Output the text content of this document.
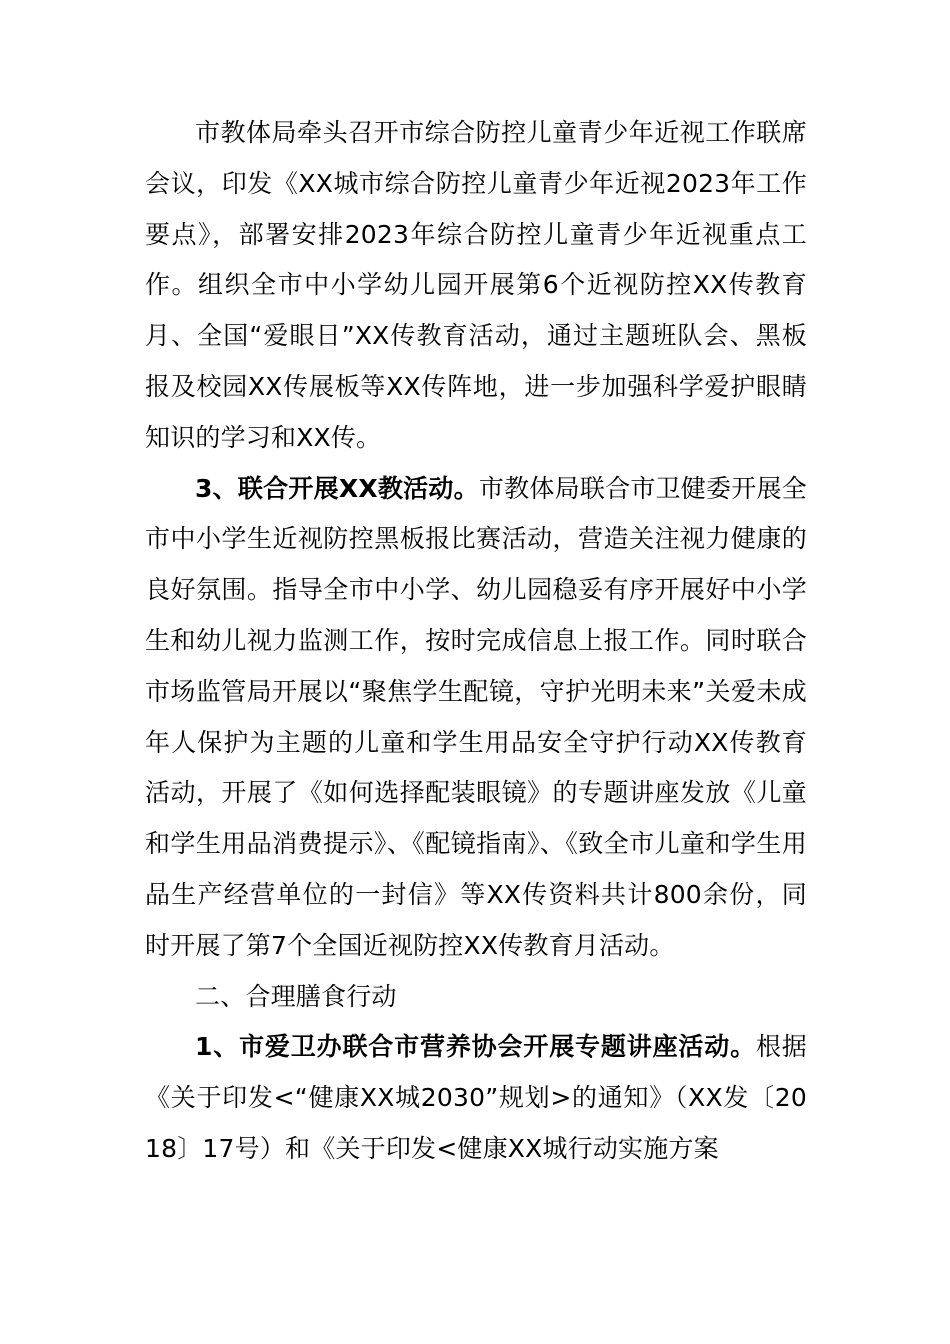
市教体局牵头召开市综合防控儿童青少年近视工作联席会议，印发《XX城市综合防控儿童青少年近视2023年工作要点》，部署安排2023年综合防控儿童青少年近视重点工作。组织全市中小学幼儿园开展第6个近视防控XX传教育月、全国“爱眼日”XX传教育活动，通过主题班队会、黑板报及校园XX传展板等XX传阵地，进一步加强科学爱护眼睛知识的学习和XX传。

3、联合开展XX教活动。市教体局联合市卫健委开展全市中小学生近视防控黑板报比赛活动，营造关注视力健康的良好氛围。指导全市中小学、幼儿园稳妥有序开展好中小学生和幼儿视力监测工作，按时完成信息上报工作。同时联合市场监管局开展以“聚焦学生配镜，守护光明未来”关爱未成年人保护为主题的儿童和学生用品安全守护行动XX传教育活动，开展了《如何选择配装眼镜》的专题讲座发放《儿童和学生用品消费提示》、《配镜指南》、《致全市儿童和学生用品生产经营单位的一封信》等XX传资料共计800余份，同时开展了第7个全国近视防控XX传教育月活动。

二、合理膳食行动

1、市爱卫办联合市营养协会开展专题讲座活动。根据《关于印发<“健康XX城2030”规划>的通知》（XX发〔2018〕17号）和《关于印发<健康XX城行动实施方案
